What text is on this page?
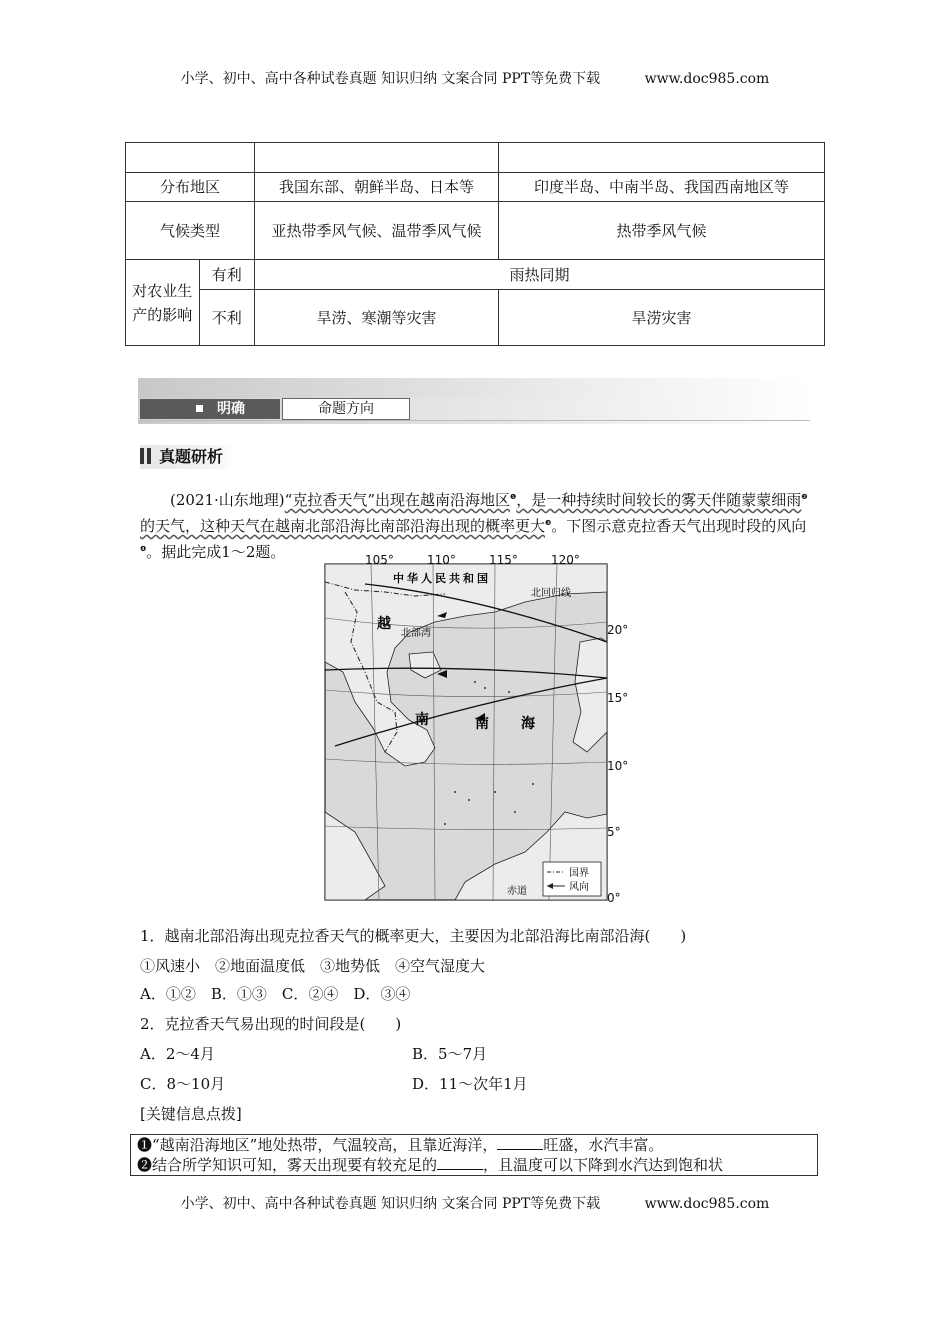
小学、初中、高中各种试卷真题 知识归纳 文案合同 PPT等免费下载	www.doc985.com

分布地区		我国东部、朝鲜半岛、日本等	印度半岛、中南半岛、我国西南地区等
气候类型		亚热带季风气候、温带季风气候	热带季风气候
对农业生产的影响	有利	雨热同期	
	不利	旱涝、寒潮等灾害	旱涝灾害
明确	命题方向
真题研析
(2021·山东地理)“克拉香天气”出现在越南沿海地区$^❶$，是一种持续时间较长的雾天伴随蒙蒙细雨$^❷$的天气，这种天气在越南北部沿海比南部沿海出现的概率更大$^❸$。下图示意克拉香天气出现时段的风向$^❹$。据此完成1～2题。	105°	110°	115°	120°
20°
15°
10°
5°
0°
中华人民共和国
北回归线
北部湾
越
南	南 海
赤道
国界
风向
1．越南北部沿海出现克拉香天气的概率更大，主要因为北部沿海比南部沿海(　　)
①风速小　②地面温度低　③地势低　④空气湿度大
A．①②　B．①③　C．②④　D．③④
2．克拉香天气易出现的时间段是(　　)
A．2～4月	B．5～7月
C．8～10月	D．11～次年1月
[关键信息点拨]
❶“越南沿海地区”地处热带，气温较高，且靠近海洋，	旺盛，水汽丰富。
❷结合所学知识可知，雾天出现要有较充足的	，且温度可以下降到水汽达到饱和状
小学、初中、高中各种试卷真题 知识归纳 文案合同 PPT等免费下载	www.doc985.com
